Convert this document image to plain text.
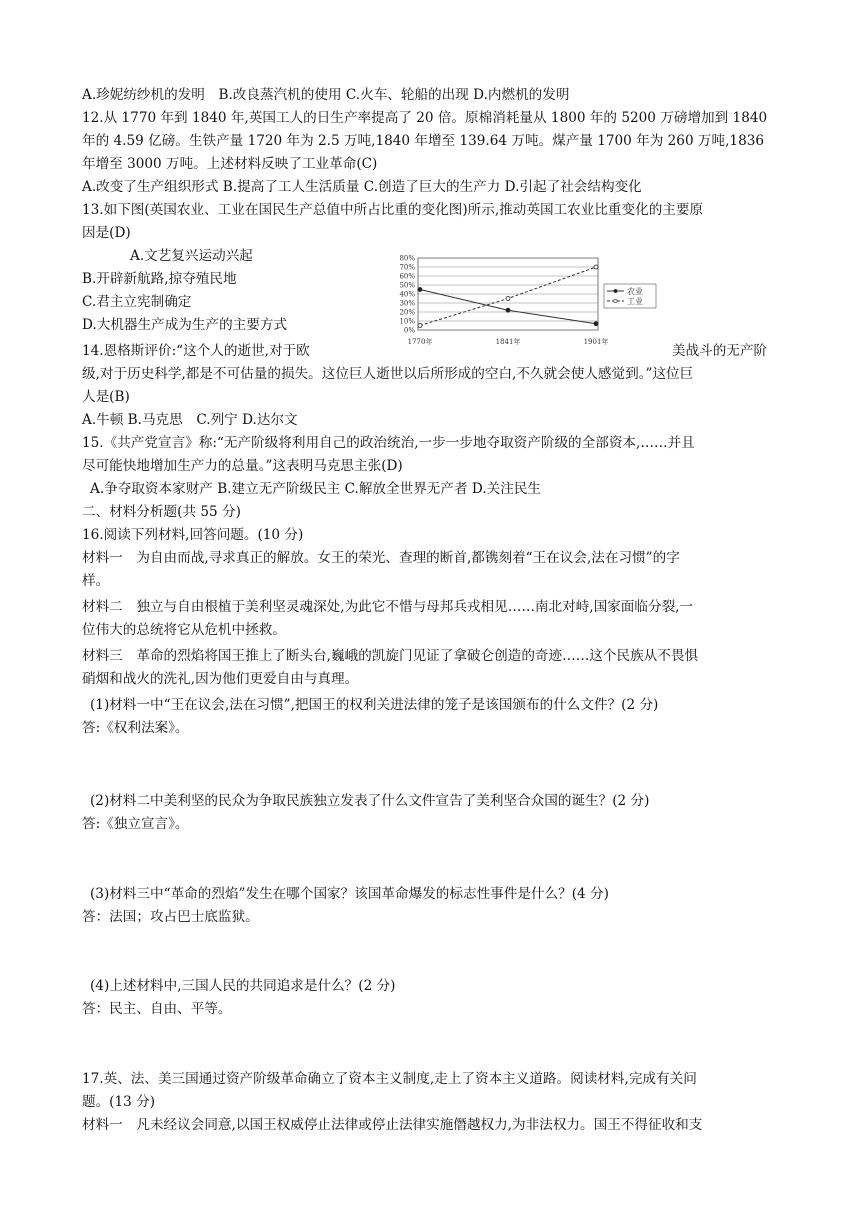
A.珍妮纺纱机的发明　B.改良蒸汽机的使用 C.火车、轮船的出现 D.内燃机的发明
12.从 1770 年到 1840 年,英国工人的日生产率提高了 20 倍。原棉消耗量从 1800 年的 5200 万磅增加到 1840
年的 4.59 亿磅。生铁产量 1720 年为 2.5 万吨,1840 年增至 139.64 万吨。煤产量 1700 年为 260 万吨,1836
年增至 3000 万吨。上述材料反映了工业革命(C)
A.改变了生产组织形式 B.提高了工人生活质量 C.创造了巨大的生产力 D.引起了社会结构变化
13.如下图(英国农业、工业在国民生产总值中所占比重的变化图)所示,推动英国工农业比重变化的主要原
因是(D)
A.文艺复兴运动兴起
B.开辟新航路,掠夺殖民地
C.君主立宪制确定
D.大机器生产成为生产的主要方式
14.恩格斯评价:“这个人的逝世,对于欧	美战斗的无产阶
级,对于历史科学,都是不可估量的损失。这位巨人逝世以后所形成的空白,不久就会使人感觉到。”这位巨
人是(B)
A.牛顿 B.马克思　C.列宁 D.达尔文
15.《共产党宣言》称:“无产阶级将利用自己的政治统治,一步一步地夺取资产阶级的全部资本,……并且
尽可能快地增加生产力的总量。”这表明马克思主张(D)
A.争夺取资本家财产 B.建立无产阶级民主 C.解放全世界无产者 D.关注民生
二、材料分析题(共 55 分)
16.阅读下列材料,回答问题。(10 分)
材料一　为自由而战,寻求真正的解放。女王的荣光、查理的断首,都镌刻着“王在议会,法在习惯”的字
样。
材料二　独立与自由根植于美利坚灵魂深处,为此它不惜与母邦兵戎相见……南北对峙,国家面临分裂,一
位伟大的总统将它从危机中拯救。
材料三　革命的烈焰将国王推上了断头台,巍峨的凯旋门见证了拿破仑创造的奇迹……这个民族从不畏惧
硝烟和战火的洗礼,因为他们更爱自由与真理。
(1)材料一中“王在议会,法在习惯”,把国王的权利关进法律的笼子是该国颁布的什么文件？(2 分)
答:《权利法案》。
(2)材料二中美利坚的民众为争取民族独立发表了什么文件宣告了美利坚合众国的诞生？(2 分)
答:《独立宣言》。
(3)材料三中“革命的烈焰”发生在哪个国家？该国革命爆发的标志性事件是什么？(4 分)
答：法国；攻占巴士底监狱。
(4)上述材料中,三国人民的共同追求是什么？(2 分)
答：民主、自由、平等。
17.英、法、美三国通过资产阶级革命确立了资本主义制度,走上了资本主义道路。阅读材料,完成有关问
题。(13 分)
材料一　凡未经议会同意,以国王权威停止法律或停止法律实施僭越权力,为非法权力。国王不得征收和支
0%
10%
20%
30%
40%
50%
60%
70%
80%
1770年	1841年	1901年
农业
工业
